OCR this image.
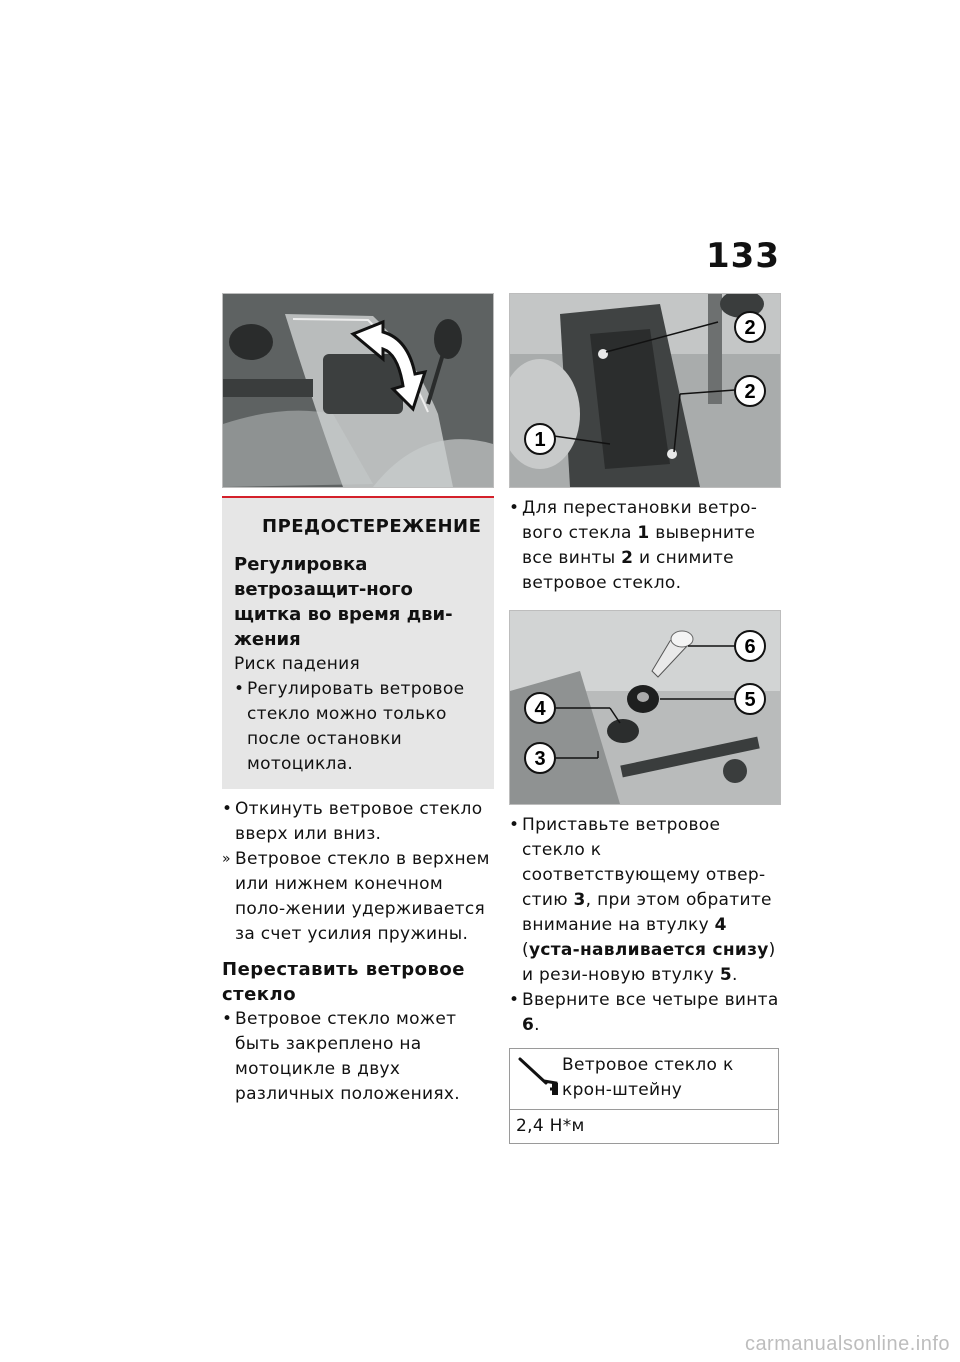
133
ПРЕДОСТЕРЕЖЕНИЕ
Регулировка ветрозащит-ного щитка во время дви-жения
Риск падения
• Регулировать ветровое стекло можно только после остановки мотоцикла.
• Откинуть ветровое стекло вверх или вниз.
» Ветровое стекло в верхнем или нижнем конечном поло-жении удерживается за счет усилия пружины.
Переставить ветровое стекло
• Ветровое стекло может быть закреплено на мотоцикле в двух различных положениях.
1
2
2
• Для перестановки ветро-вого стекла 1 выверните все винты 2 и снимите ветровое стекло.
4
3
6
5
• Приставьте ветровое стекло к соответствующему отвер-стию 3, при этом обратите внимание на втулку 4 (уста-навливается снизу) и рези-новую втулку 5.
• Вверните все четыре винта 6.
Ветровое стекло к крон-штейну
2,4 Н*м
carmanualsonline.info
